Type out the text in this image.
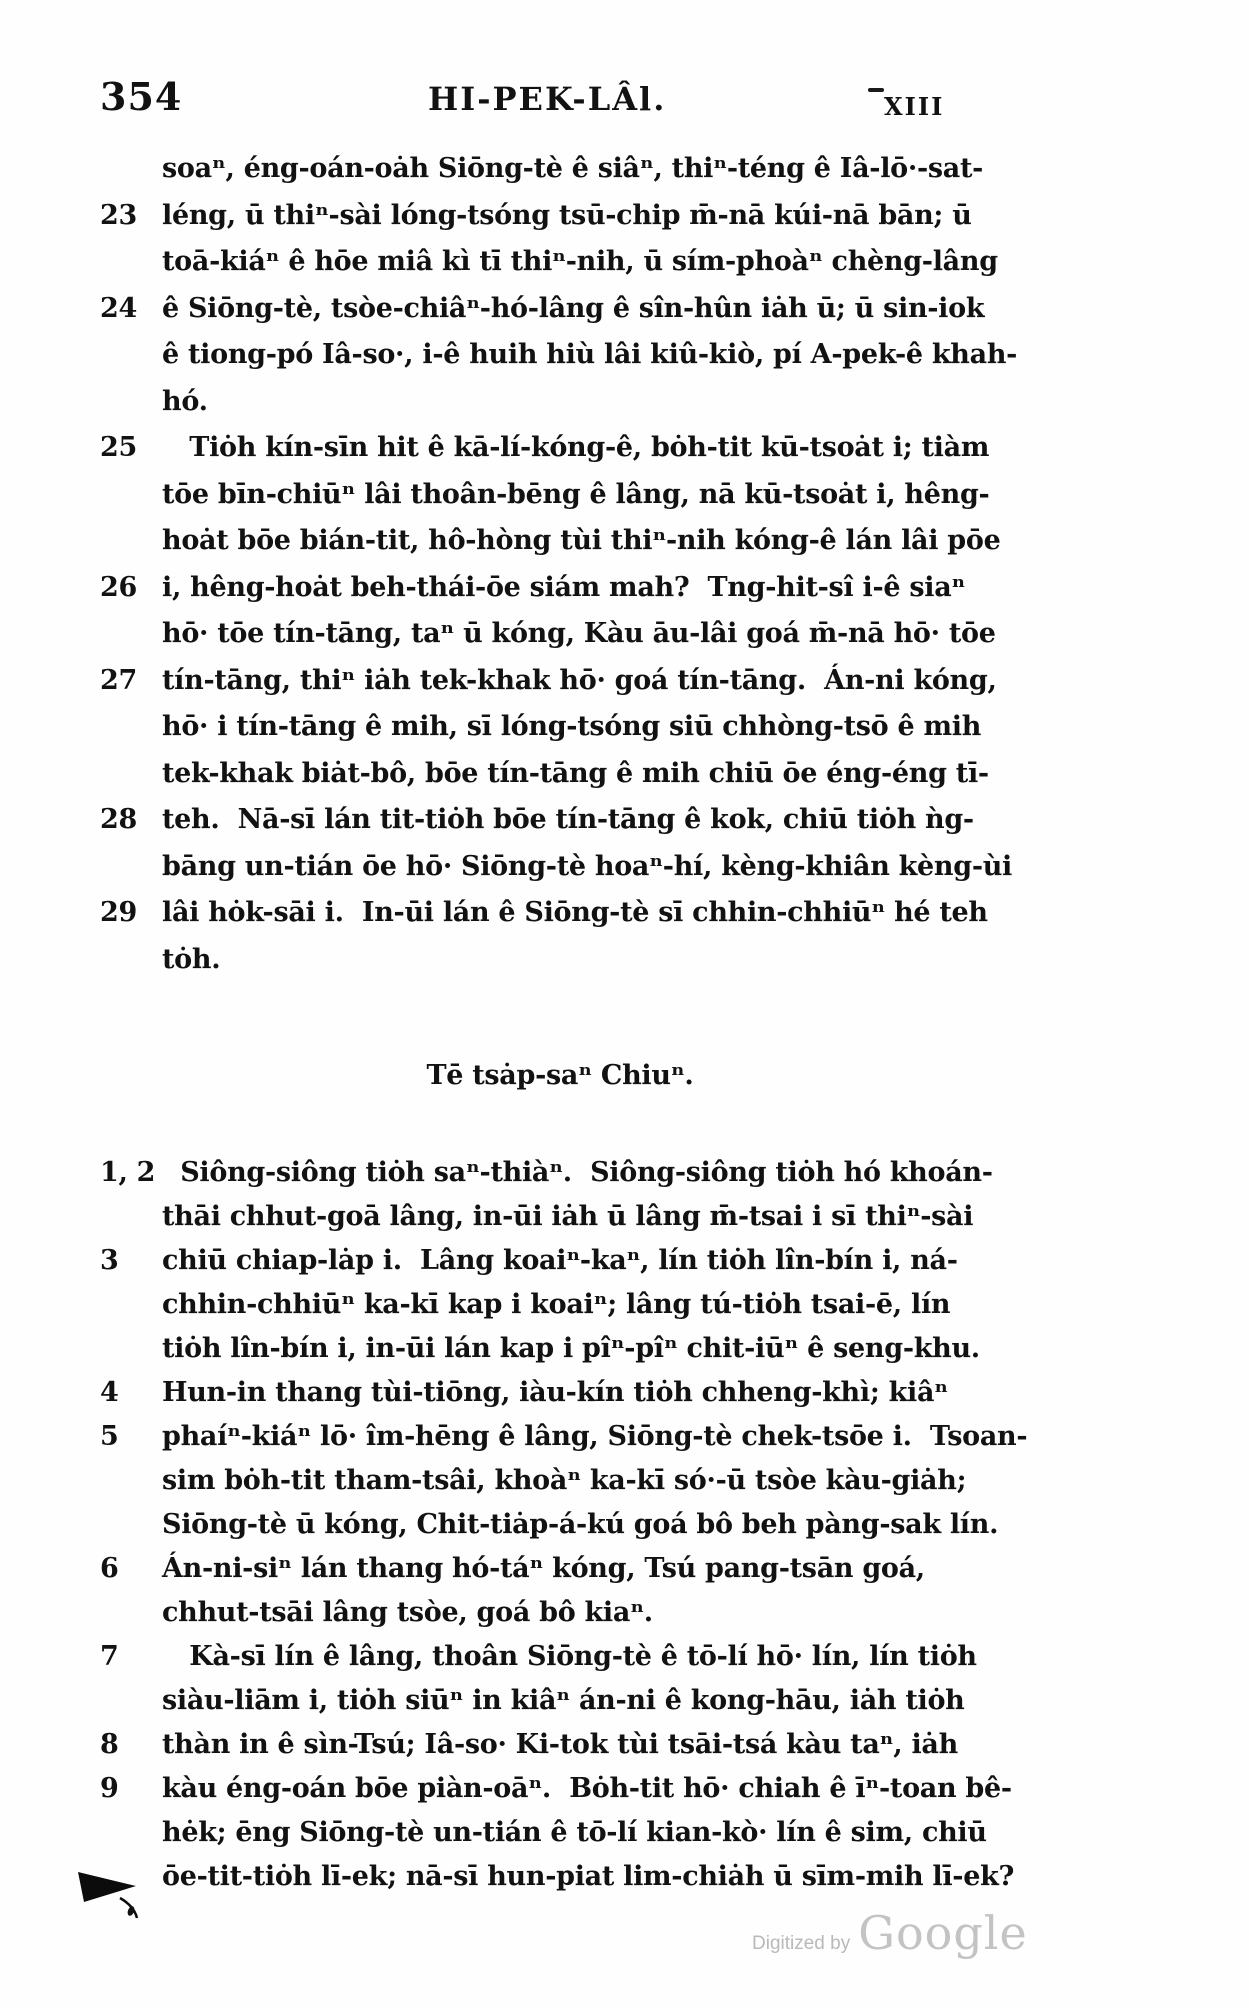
354	HI-PEK-LÂl.	XIII
soaⁿ, éng-oán-oȧh Siōng-tè ê siâⁿ, thiⁿ-téng ê Iâ-lō·-sat-
23 léng, ū thiⁿ-sài lóng-tsóng tsū-chip m̄-nā kúi-nā bān; ū
toā-kiáⁿ ê hōe miâ kì tī thiⁿ-nih, ū sím-phoàⁿ chèng-lâng
24 ê Siōng-tè, tsòe-chiâⁿ-hó-lâng ê sîn-hûn iȧh ū; ū sin-iok
ê tiong-pó Iâ-so·, i-ê huih hiù lâi kiû-kiò, pí A-pek-ê khah-
hó.
25 Tiȯh kín-sīn hit ê kā-lí-kóng-ê, bȯh-tit kū-tsoȧt i; tiàm
tōe bīn-chiūⁿ lâi thoân-bēng ê lâng, nā kū-tsoȧt i, hêng-
hoȧt bōe bián-tit, hô-hòng tùi thiⁿ-nih kóng-ê lán lâi pōe
26 i, hêng-hoȧt beh-thái-ōe siám mah?  Tng-hit-sî i-ê siaⁿ
hō· tōe tín-tāng, taⁿ ū kóng, Kàu āu-lâi goá m̄-nā hō· tōe
27 tín-tāng, thiⁿ iȧh tek-khak hō· goá tín-tāng.  Án-ni kóng,
hō· i tín-tāng ê mih, sī lóng-tsóng siū chhòng-tsō ê mih
tek-khak biȧt-bô, bōe tín-tāng ê mih chiū ōe éng-éng tī-
28 teh.  Nā-sī lán tit-tiȯh bōe tín-tāng ê kok, chiū tiȯh ǹg-
bāng un-tián ōe hō· Siōng-tè hoaⁿ-hí, kèng-khiân kèng-ùi
29 lâi hȯk-sāi i.  In-ūi lán ê Siōng-tè sī chhin-chhiūⁿ hé teh
tȯh.
Tē tsȧp-saⁿ Chiuⁿ.
1, 2 Siông-siông tiȯh saⁿ-thiàⁿ.  Siông-siông tiȯh hó khoán-
thāi chhut-goā lâng, in-ūi iȧh ū lâng m̄-tsai i sī thiⁿ-sài
3	chiū chiap-lȧp i.  Lâng koaiⁿ-kaⁿ, lín tiȯh lîn-bín i, ná-
chhin-chhiūⁿ ka-kī kap i koaiⁿ; lâng tú-tiȯh tsai-ē, lín
tiȯh lîn-bín i, in-ūi lán kap i pîⁿ-pîⁿ chit-iūⁿ ê seng-khu.
4	Hun-in thang tùi-tiōng, iàu-kín tiȯh chheng-khì; kiâⁿ
5	phaíⁿ-kiáⁿ lō· îm-hēng ê lâng, Siōng-tè chek-tsōe i.  Tsoan-
sim bȯh-tit tham-tsâi, khoàⁿ ka-kī só·-ū tsòe kàu-giȧh;
Siōng-tè ū kóng, Chit-tiȧp-á-kú goá bô beh pàng-sak lín.
6	Án-ni-siⁿ lán thang hó-táⁿ kóng, Tsú pang-tsān goá,
chhut-tsāi lâng tsòe, goá bô kiaⁿ.
7	Kà-sī lín ê lâng, thoân Siōng-tè ê tō-lí hō· lín, lín tiȯh
siàu-liām i, tiȯh siūⁿ in kiâⁿ án-ni ê kong-hāu, iȧh tiȯh
8	thàn in ê sìn-Tsú; Iâ-so· Ki-tok tùi tsāi-tsá kàu taⁿ, iȧh
9	kàu éng-oán bōe piàn-oāⁿ.  Bȯh-tit hō· chiah ê īⁿ-toan bê-
hėk; ēng Siōng-tè un-tián ê tō-lí kian-kò· lín ê sim, chiū
ōe-tit-tiȯh lī-ek; nā-sī hun-piat lim-chiȧh ū sīm-mih lī-ek?
Digitized by Google
